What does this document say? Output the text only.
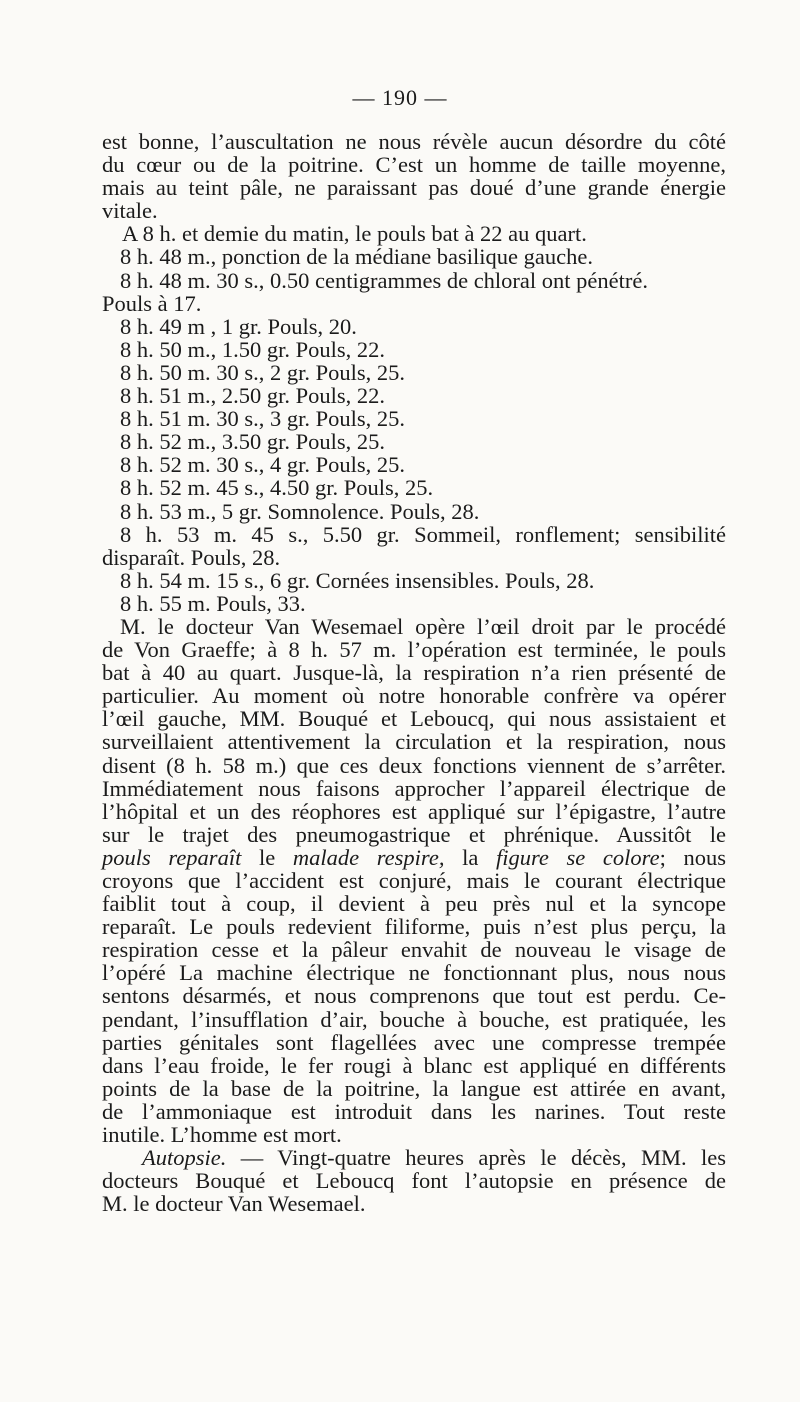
— 190 —
est bonne, l’auscultation ne nous révèle aucun désordre du côté
du cœur ou de la poitrine. C’est un homme de taille moyenne,
mais au teint pâle, ne paraissant pas doué d’une grande énergie
vitale.
A 8 h. et demie du matin, le pouls bat à 22 au quart.
8 h. 48 m., ponction de la médiane basilique gauche.
8 h. 48 m. 30 s., 0.50 centigrammes de chloral ont pénétré.
Pouls à 17.
8 h. 49 m , 1 gr. Pouls, 20.
8 h. 50 m., 1.50 gr. Pouls, 22.
8 h. 50 m. 30 s., 2 gr. Pouls, 25.
8 h. 51 m., 2.50 gr. Pouls, 22.
8 h. 51 m. 30 s., 3 gr. Pouls, 25.
8 h. 52 m., 3.50 gr. Pouls, 25.
8 h. 52 m. 30 s., 4 gr. Pouls, 25.
8 h. 52 m. 45 s., 4.50 gr. Pouls, 25.
8 h. 53 m., 5 gr. Somnolence. Pouls, 28.
8 h. 53 m. 45 s., 5.50 gr. Sommeil, ronflement; sensibilité
disparaît. Pouls, 28.
8 h. 54 m. 15 s., 6 gr. Cornées insensibles. Pouls, 28.
8 h. 55 m. Pouls, 33.
M. le docteur Van Wesemael opère l’œil droit par le procédé
de Von Graeffe; à 8 h. 57 m. l’opération est terminée, le pouls
bat à 40 au quart. Jusque-là, la respiration n’a rien présenté de
particulier. Au moment où notre honorable confrère va opérer
l’œil gauche, MM. Bouqué et Leboucq, qui nous assistaient et
surveillaient attentivement la circulation et la respiration, nous
disent (8 h. 58 m.) que ces deux fonctions viennent de s’arrêter.
Immédiatement nous faisons approcher l’appareil électrique de
l’hôpital et un des réophores est appliqué sur l’épigastre, l’autre
sur le trajet des pneumogastrique et phrénique. Aussitôt le
pouls reparaît le malade respire, la figure se colore; nous
croyons que l’accident est conjuré, mais le courant électrique
faiblit tout à coup, il devient à peu près nul et la syncope
reparaît. Le pouls redevient filiforme, puis n’est plus perçu, la
respiration cesse et la pâleur envahit de nouveau le visage de
l’opéré La machine électrique ne fonctionnant plus, nous nous
sentons désarmés, et nous comprenons que tout est perdu. Ce-
pendant, l’insufflation d’air, bouche à bouche, est pratiquée, les
parties génitales sont flagellées avec une compresse trempée
dans l’eau froide, le fer rougi à blanc est appliqué en différents
points de la base de la poitrine, la langue est attirée en avant,
de l’ammoniaque est introduit dans les narines. Tout reste
inutile. L’homme est mort.
Autopsie. — Vingt-quatre heures après le décès, MM. les
docteurs Bouqué et Leboucq font l’autopsie en présence de
M. le docteur Van Wesemael.
